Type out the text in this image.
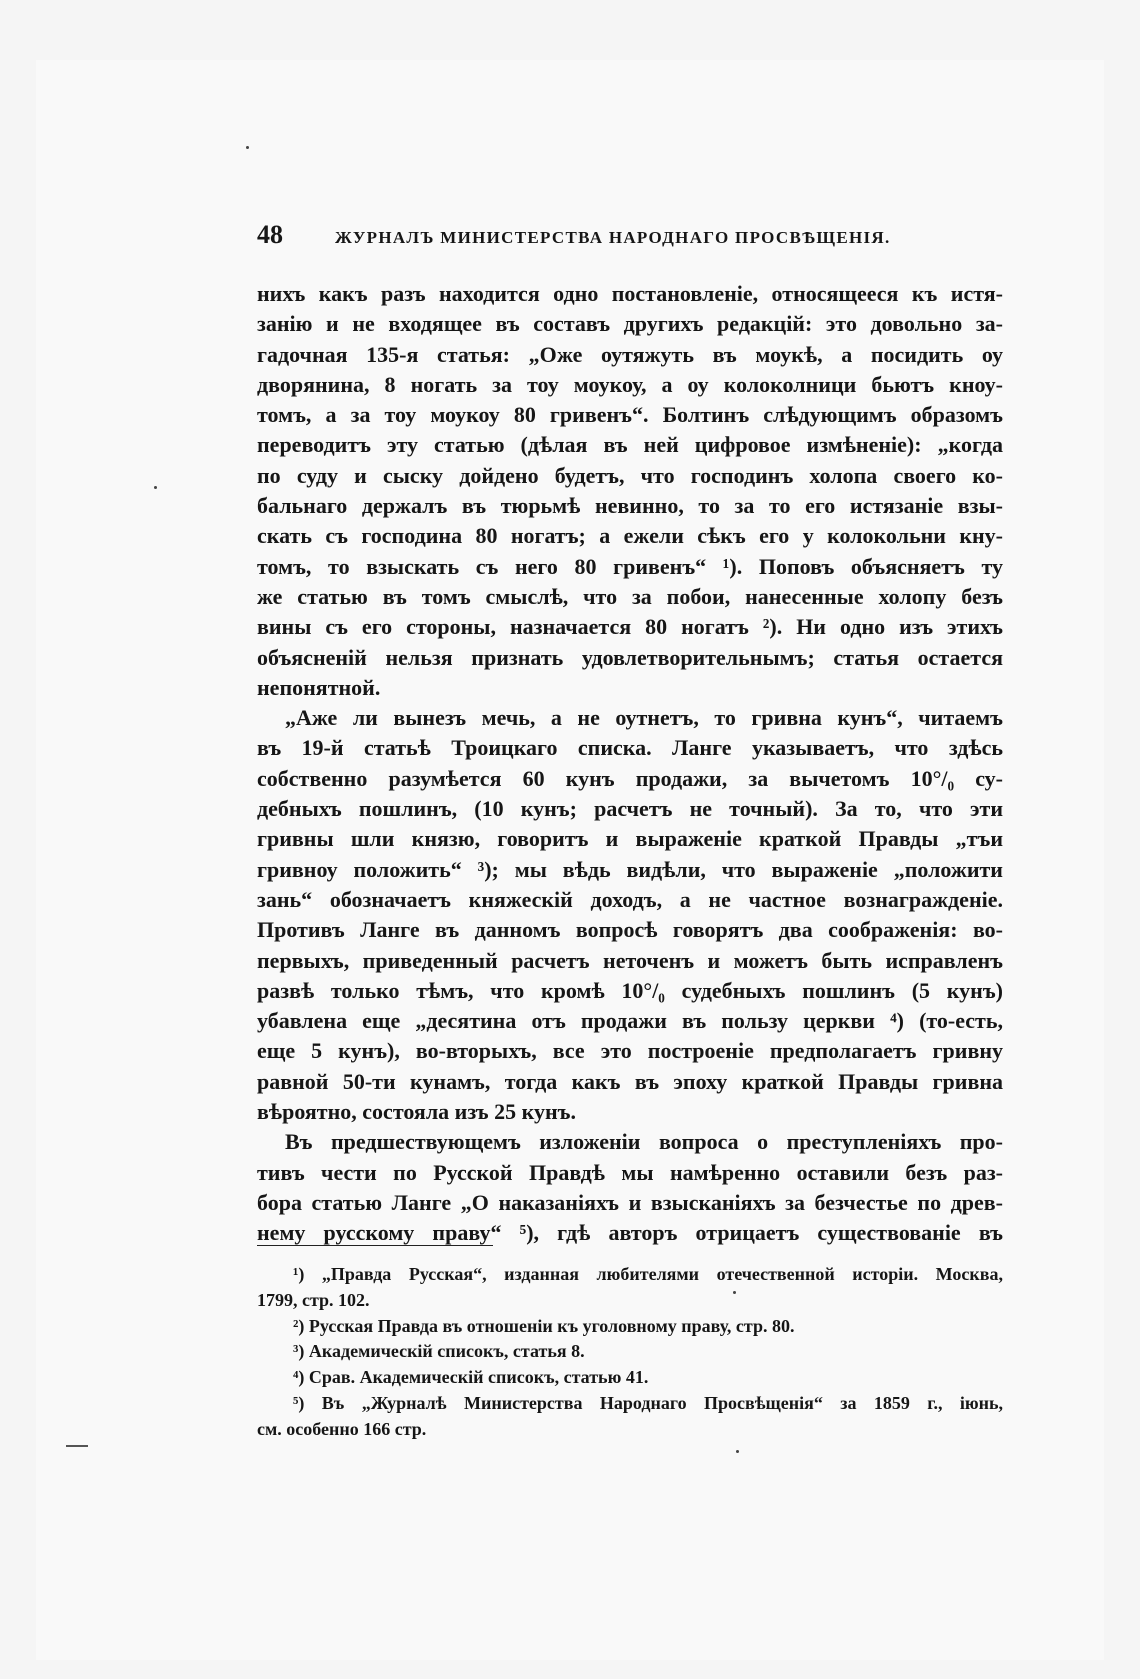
48	ЖУРНАЛЪ МИНИСТЕРСТВА НАРОДНАГО ПРОСВѢЩЕНІЯ.
нихъ какъ разъ находится одно постановленіе, относящееся къ истя-
занію и не входящее въ составъ другихъ редакцій: это довольно за-
гадочная 135-я статья: „Оже оутяжуть въ моукѣ, а посидить оу
дворянина, 8 ногать за тоу моукоу, а оу колоколници бьютъ кноу-
томъ, а за тоу моукоу 80 гривенъ“. Болтинъ слѣдующимъ образомъ
переводитъ эту статью (дѣлая въ ней цифровое измѣненіе): „когда
по суду и сыску дойдено будетъ, что господинъ холопа своего ко-
бальнаго держалъ въ тюрьмѣ невинно, то за то его истязаніе взы-
скать съ господина 80 ногатъ; а ежели сѣкъ его у колокольни кну-
томъ, то взыскать съ него 80 гривенъ“ ¹). Поповъ объясняетъ ту
же статью въ томъ смыслѣ, что за побои, нанесенные холопу безъ
вины съ его стороны, назначается 80 ногатъ ²). Ни одно изъ этихъ
объясненій нельзя признать удовлетворительнымъ; статья остается
непонятной.
„Аже ли вынезъ мечь, а не оутнетъ, то гривна кунъ“, читаемъ
въ 19-й статьѣ Троицкаго списка. Ланге указываетъ, что здѣсь
собственно разумѣется 60 кунъ продажи, за вычетомъ 10°/₀ су-
дебныхъ пошлинъ, (10 кунъ; расчетъ не точный). За то, что эти
гривны шли князю, говоритъ и выраженіе краткой Правды „тъи
гривноу положить“ ³); мы вѣдь видѣли, что выраженіе „положити
зань“ обозначаетъ княжескій доходъ, а не частное вознагражденіе.
Противъ Ланге въ данномъ вопросѣ говорятъ два соображенія: во-
первыхъ, приведенный расчетъ неточенъ и можетъ быть исправленъ
развѣ только тѣмъ, что кромѣ 10°/₀ судебныхъ пошлинъ (5 кунъ)
убавлена еще „десятина отъ продажи въ пользу церкви ⁴) (то-есть,
еще 5 кунъ), во-вторыхъ, все это построеніе предполагаетъ гривну
равной 50-ти кунамъ, тогда какъ въ эпоху краткой Правды гривна
вѣроятно, состояла изъ 25 кунъ.
Въ предшествующемъ изложеніи вопроса о преступленіяхъ про-
тивъ чести по Русской Правдѣ мы намѣренно оставили безъ раз-
бора статью Ланге „О наказаніяхъ и взысканіяхъ за безчестье по древ-
нему русскому праву“ ⁵), гдѣ авторъ отрицаетъ существованіе въ
¹) „Правда Русская“, изданная любителями отечественной исторіи. Москва,
1799, стр. 102.
²) Русская Правда въ отношеніи къ уголовному праву, стр. 80.
³) Академическій списокъ, статья 8.
⁴) Срав. Академическій списокъ, статью 41.
⁵) Въ „Журналѣ Министерства Народнаго Просвѣщенія“ за 1859 г., іюнь,
см. особенно 166 стр.
